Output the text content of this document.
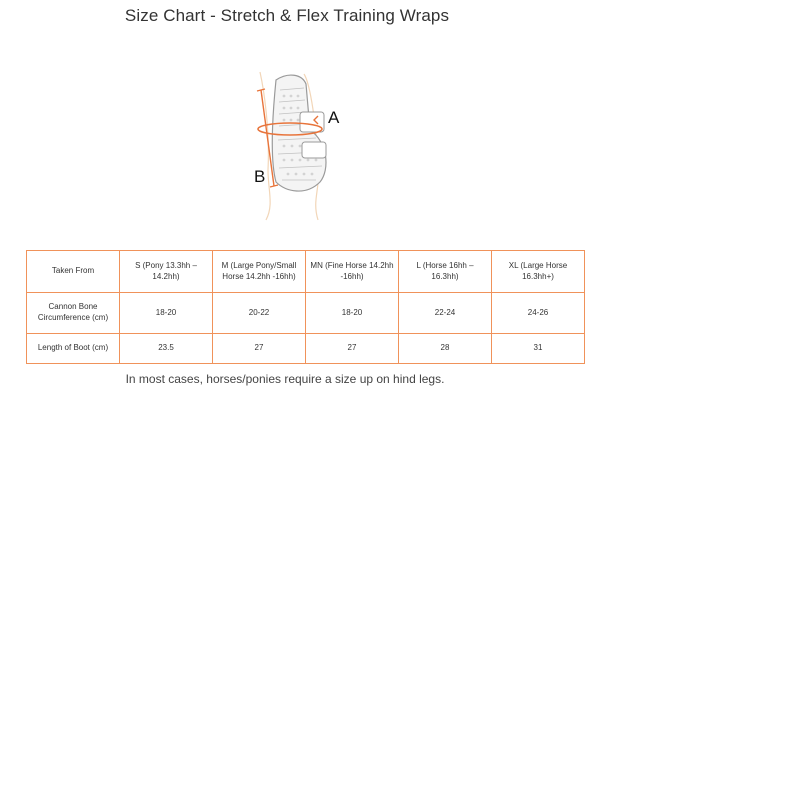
Size Chart - Stretch & Flex Training Wraps
A
B
Taken From	S (Pony 13.3hh – 14.2hh)	M (Large Pony/Small Horse 14.2hh -16hh)	MN (Fine Horse 14.2hh -16hh)	L (Horse 16hh – 16.3hh)	XL (Large Horse 16.3hh+)
Cannon Bone Circumference (cm)	18-20	20-22	18-20	22-24	24-26
Length of Boot (cm)	23.5	27	27	28	31
In most cases, horses/ponies require a size up on hind legs.
